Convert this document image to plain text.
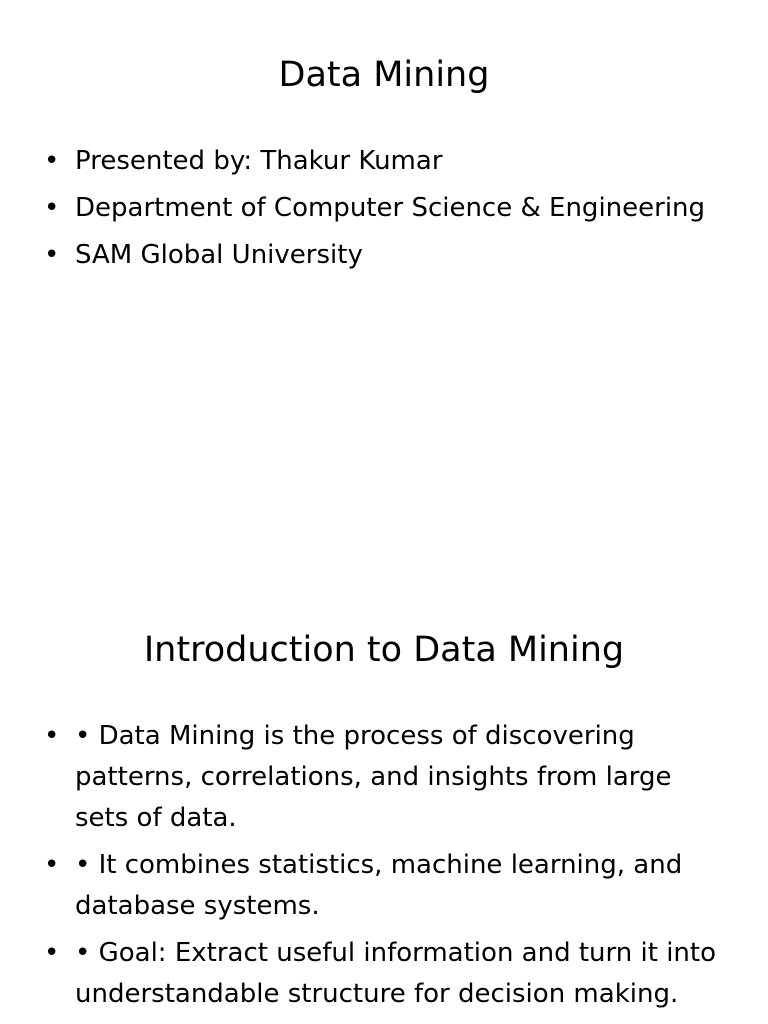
Data Mining
• Presented by: Thakur Kumar
• Department of Computer Science & Engineering
• SAM Global University
Introduction to Data Mining
• • Data Mining is the process of discovering patterns, correlations, and insights from large sets of data.
• • It combines statistics, machine learning, and database systems.
• • Goal: Extract useful information and turn it into understandable structure for decision making.
